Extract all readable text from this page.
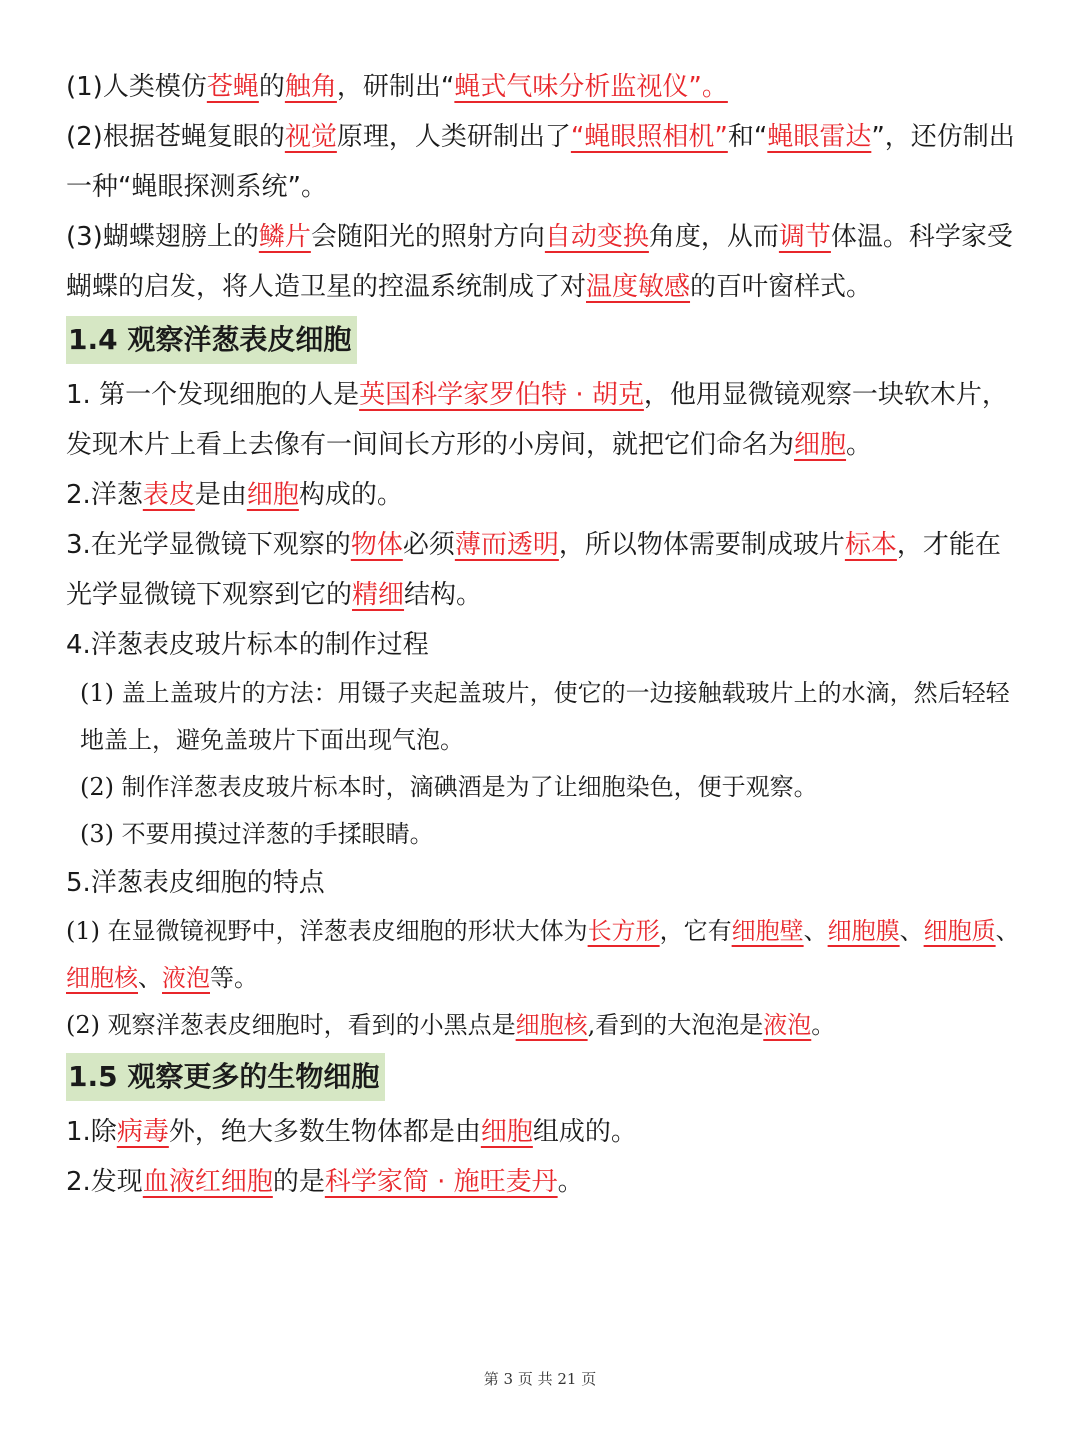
(1)人类模仿苍蝇的触角，研制出“蝇式气味分析监视仪”。

(2)根据苍蝇复眼的视觉原理，人类研制出了“蝇眼照相机”和“蝇眼雷达”，还仿制出一种“蝇眼探测系统”。

(3)蝴蝶翅膀上的鳞片会随阳光的照射方向自动变换角度，从而调节体温。科学家受蝴蝶的启发，将人造卫星的控温系统制成了对温度敏感的百叶窗样式。

1.4 观察洋葱表皮细胞

1. 第一个发现细胞的人是英国科学家罗伯特 · 胡克，他用显微镜观察一块软木片，发现木片上看上去像有一间间长方形的小房间，就把它们命名为细胞。

2.洋葱表皮是由细胞构成的。

3.在光学显微镜下观察的物体必须薄而透明，所以物体需要制成玻片标本，才能在光学显微镜下观察到它的精细结构。

4.洋葱表皮玻片标本的制作过程

(1) 盖上盖玻片的方法：用镊子夹起盖玻片，使它的一边接触载玻片上的水滴，然后轻轻地盖上，避免盖玻片下面出现气泡。

(2) 制作洋葱表皮玻片标本时，滴碘酒是为了让细胞染色，便于观察。

(3) 不要用摸过洋葱的手揉眼睛。

5.洋葱表皮细胞的特点

(1) 在显微镜视野中，洋葱表皮细胞的形状大体为长方形，它有细胞壁、细胞膜、细胞质、细胞核、液泡等。

(2) 观察洋葱表皮细胞时，看到的小黑点是细胞核,看到的大泡泡是液泡。

1.5 观察更多的生物细胞

1.除病毒外，绝大多数生物体都是由细胞组成的。

2.发现血液红细胞的是科学家简 · 施旺麦丹。

第 3 页 共 21 页
